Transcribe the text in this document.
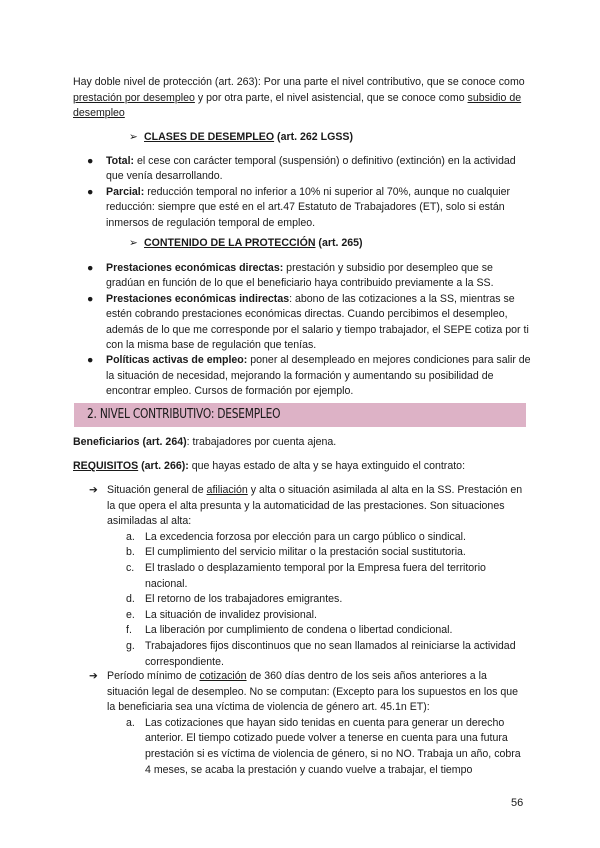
Hay doble nivel de protección (art. 263): Por una parte el nivel contributivo, que se conoce como prestación por desempleo y por otra parte, el nivel asistencial, que se conoce como subsidio de desempleo

➢ CLASES DE DESEMPLEO (art. 262 LGSS)
● Total: el cese con carácter temporal (suspensión) o definitivo (extinción) en la actividad que venía desarrollando.
● Parcial: reducción temporal no inferior a 10% ni superior al 70%, aunque no cualquier reducción: siempre que esté en el art.47 Estatuto de Trabajadores (ET), solo si están inmersos de regulación temporal de empleo.
➢ CONTENIDO DE LA PROTECCIÓN (art. 265)
● Prestaciones económicas directas: prestación y subsidio por desempleo que se gradúan en función de lo que el beneficiario haya contribuido previamente a la SS.
● Prestaciones económicas indirectas: abono de las cotizaciones a la SS, mientras se estén cobrando prestaciones económicas directas. Cuando percibimos el desempleo, además de lo que me corresponde por el salario y tiempo trabajador, el SEPE cotiza por ti con la misma base de regulación que tenías.
● Políticas activas de empleo: poner al desempleado en mejores condiciones para salir de la situación de necesidad, mejorando la formación y aumentando su posibilidad de encontrar empleo. Cursos de formación por ejemplo.
2. NIVEL CONTRIBUTIVO: DESEMPLEO

Beneficiarios (art. 264): trabajadores por cuenta ajena.

REQUISITOS (art. 266): que hayas estado de alta y se haya extinguido el contrato:

➔ Situación general de afiliación y alta o situación asimilada al alta en la SS. Prestación en la que opera el alta presunta y la automaticidad de las prestaciones. Son situaciones asimiladas al alta:

a. La excedencia forzosa por elección para un cargo público o sindical.
b. El cumplimiento del servicio militar o la prestación social sustitutoria.
c. El traslado o desplazamiento temporal por la Empresa fuera del territorio nacional.
d. El retorno de los trabajadores emigrantes.
e. La situación de invalidez provisional.
f. La liberación por cumplimiento de condena o libertad condicional.
g. Trabajadores fijos discontinuos que no sean llamados al reiniciarse la actividad correspondiente.
➔ Período mínimo de cotización de 360 días dentro de los seis años anteriores a la situación legal de desempleo. No se computan: (Excepto para los supuestos en los que la beneficiaria sea una víctima de violencia de género art. 45.1n ET):

a. Las cotizaciones que hayan sido tenidas en cuenta para generar un derecho anterior. El tiempo cotizado puede volver a tenerse en cuenta para una futura prestación si es víctima de violencia de género, si no NO. Trabaja un año, cobra 4 meses, se acaba la prestación y cuando vuelve a trabajar, el tiempo
56
